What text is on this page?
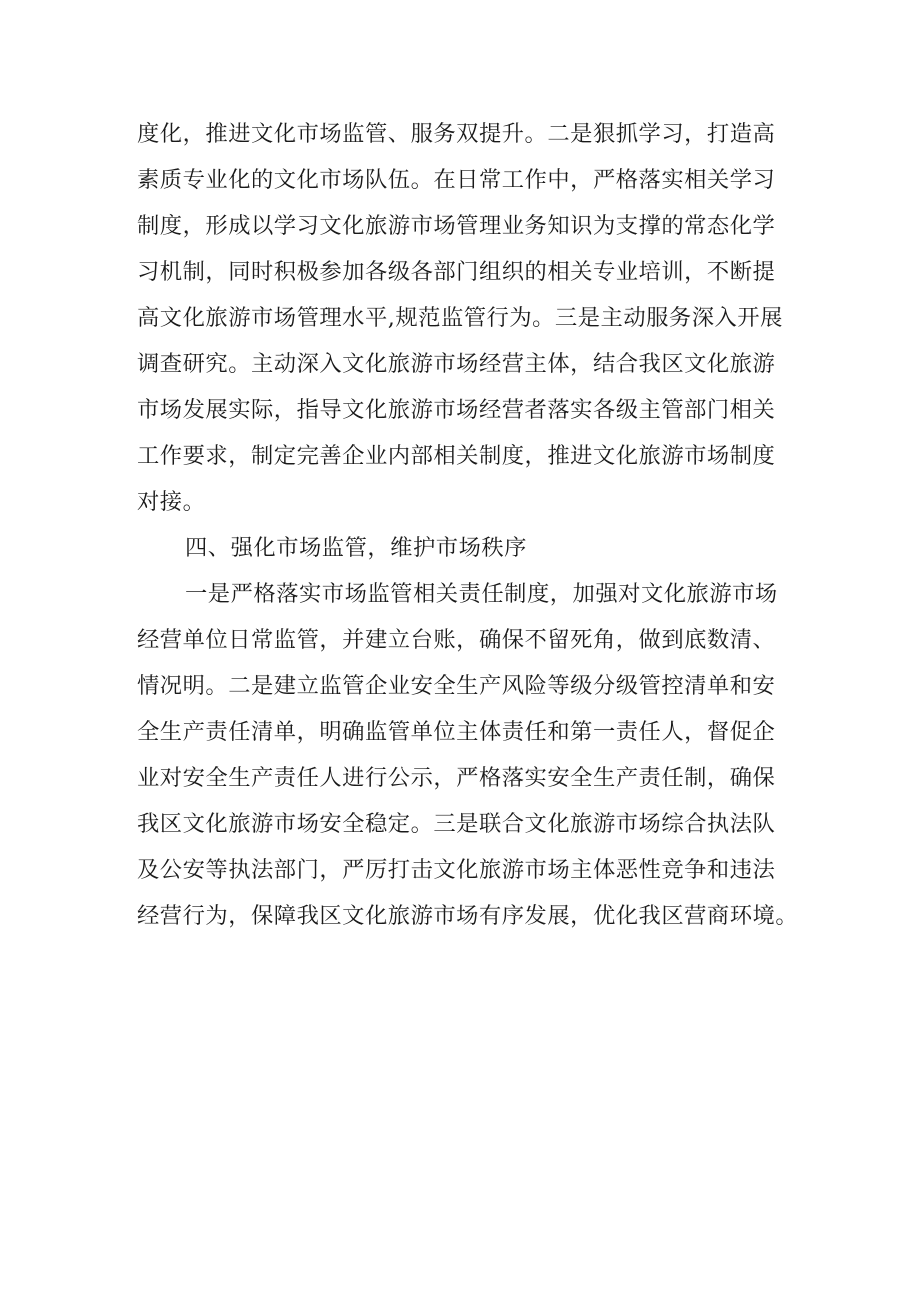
度化，推进文化市场监管、服务双提升。二是狠抓学习，打造高
素质专业化的文化市场队伍。在日常工作中，严格落实相关学习
制度，形成以学习文化旅游市场管理业务知识为支撑的常态化学
习机制，同时积极参加各级各部门组织的相关专业培训，不断提
高文化旅游市场管理水平,规范监管行为。三是主动服务深入开展
调查研究。主动深入文化旅游市场经营主体，结合我区文化旅游
市场发展实际，指导文化旅游市场经营者落实各级主管部门相关
工作要求，制定完善企业内部相关制度，推进文化旅游市场制度
对接。
四、强化市场监管，维护市场秩序
一是严格落实市场监管相关责任制度，加强对文化旅游市场
经营单位日常监管，并建立台账，确保不留死角，做到底数清、
情况明。二是建立监管企业安全生产风险等级分级管控清单和安
全生产责任清单，明确监管单位主体责任和第一责任人，督促企
业对安全生产责任人进行公示，严格落实安全生产责任制，确保
我区文化旅游市场安全稳定。三是联合文化旅游市场综合执法队
及公安等执法部门，严厉打击文化旅游市场主体恶性竞争和违法
经营行为，保障我区文化旅游市场有序发展，优化我区营商环境。
